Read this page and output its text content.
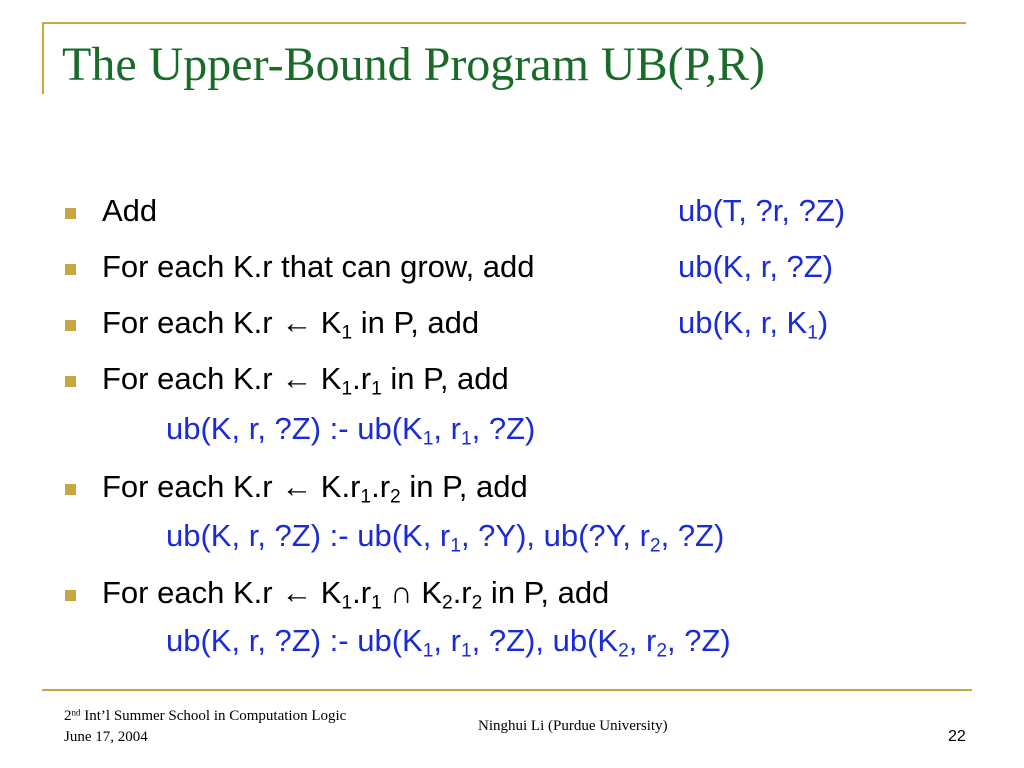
The Upper-Bound Program UB(P,R)
Add	ub(T, ?r, ?Z)
For each K.r that can grow, add	ub(K, r, ?Z)
For each K.r ← $K_1$ in P, add	ub(K, r, $K_1$)
For each K.r ← $K_1.r_1$ in P, add
ub(K, r, ?Z) :- $ub(K_1$, $r_1$, ?Z)
For each K.r ← $K.r_1.r_2$ in P, add
ub(K, r, ?Z) :- ub(K, $r_1$, ?Y), ub(?Y, $r_2$, ?Z)
For each K.r ← $K_1.r_1$ ∩ $K_2.r_2$ in P, add
ub(K, r, ?Z) :- $ub(K_1$, $r_1$, ?Z), $ub(K_2$, $r_2$, ?Z)
2nd Int’l Summer School in Computation Logic
June 17, 2004
Ninghui Li (Purdue University)
22
